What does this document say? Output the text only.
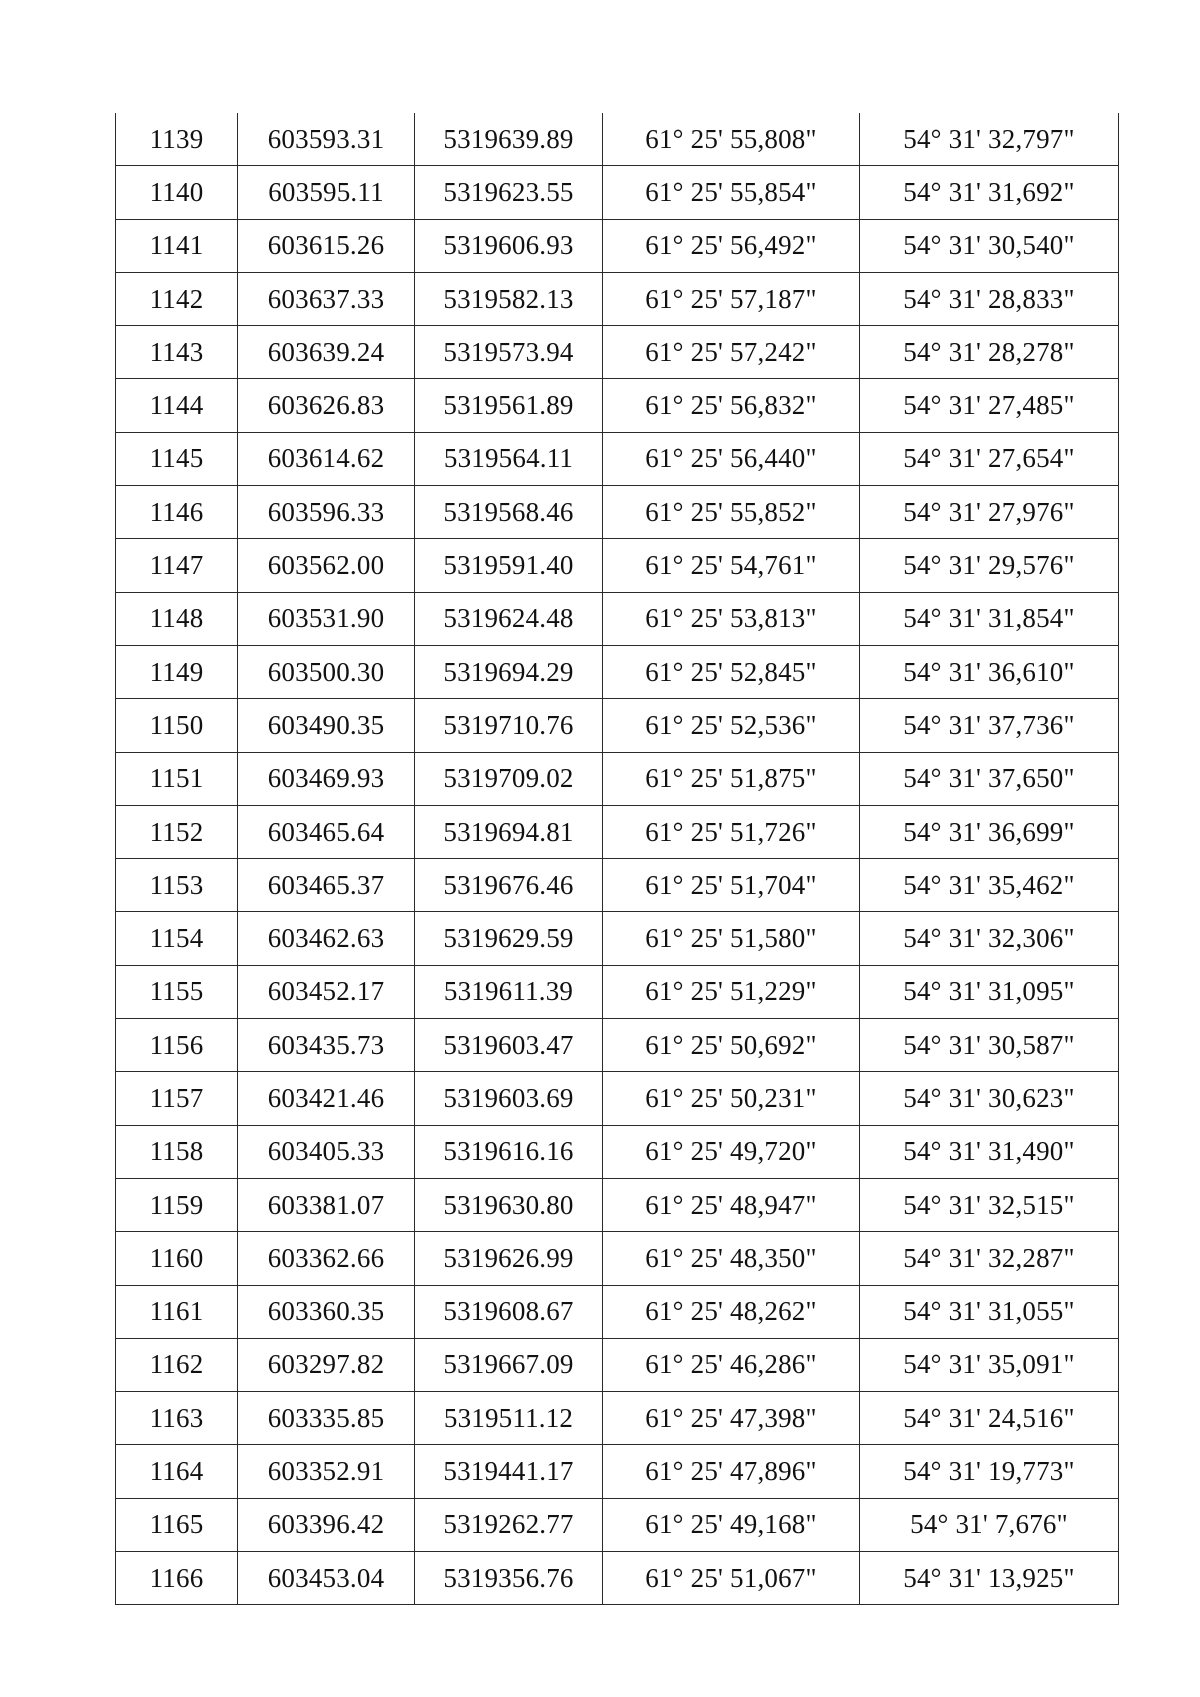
1139	603593.31	5319639.89	61° 25' 55,808"	54° 31' 32,797"
1140	603595.11	5319623.55	61° 25' 55,854"	54° 31' 31,692"
1141	603615.26	5319606.93	61° 25' 56,492"	54° 31' 30,540"
1142	603637.33	5319582.13	61° 25' 57,187"	54° 31' 28,833"
1143	603639.24	5319573.94	61° 25' 57,242"	54° 31' 28,278"
1144	603626.83	5319561.89	61° 25' 56,832"	54° 31' 27,485"
1145	603614.62	5319564.11	61° 25' 56,440"	54° 31' 27,654"
1146	603596.33	5319568.46	61° 25' 55,852"	54° 31' 27,976"
1147	603562.00	5319591.40	61° 25' 54,761"	54° 31' 29,576"
1148	603531.90	5319624.48	61° 25' 53,813"	54° 31' 31,854"
1149	603500.30	5319694.29	61° 25' 52,845"	54° 31' 36,610"
1150	603490.35	5319710.76	61° 25' 52,536"	54° 31' 37,736"
1151	603469.93	5319709.02	61° 25' 51,875"	54° 31' 37,650"
1152	603465.64	5319694.81	61° 25' 51,726"	54° 31' 36,699"
1153	603465.37	5319676.46	61° 25' 51,704"	54° 31' 35,462"
1154	603462.63	5319629.59	61° 25' 51,580"	54° 31' 32,306"
1155	603452.17	5319611.39	61° 25' 51,229"	54° 31' 31,095"
1156	603435.73	5319603.47	61° 25' 50,692"	54° 31' 30,587"
1157	603421.46	5319603.69	61° 25' 50,231"	54° 31' 30,623"
1158	603405.33	5319616.16	61° 25' 49,720"	54° 31' 31,490"
1159	603381.07	5319630.80	61° 25' 48,947"	54° 31' 32,515"
1160	603362.66	5319626.99	61° 25' 48,350"	54° 31' 32,287"
1161	603360.35	5319608.67	61° 25' 48,262"	54° 31' 31,055"
1162	603297.82	5319667.09	61° 25' 46,286"	54° 31' 35,091"
1163	603335.85	5319511.12	61° 25' 47,398"	54° 31' 24,516"
1164	603352.91	5319441.17	61° 25' 47,896"	54° 31' 19,773"
1165	603396.42	5319262.77	61° 25' 49,168"	54° 31' 7,676"
1166	603453.04	5319356.76	61° 25' 51,067"	54° 31' 13,925"
